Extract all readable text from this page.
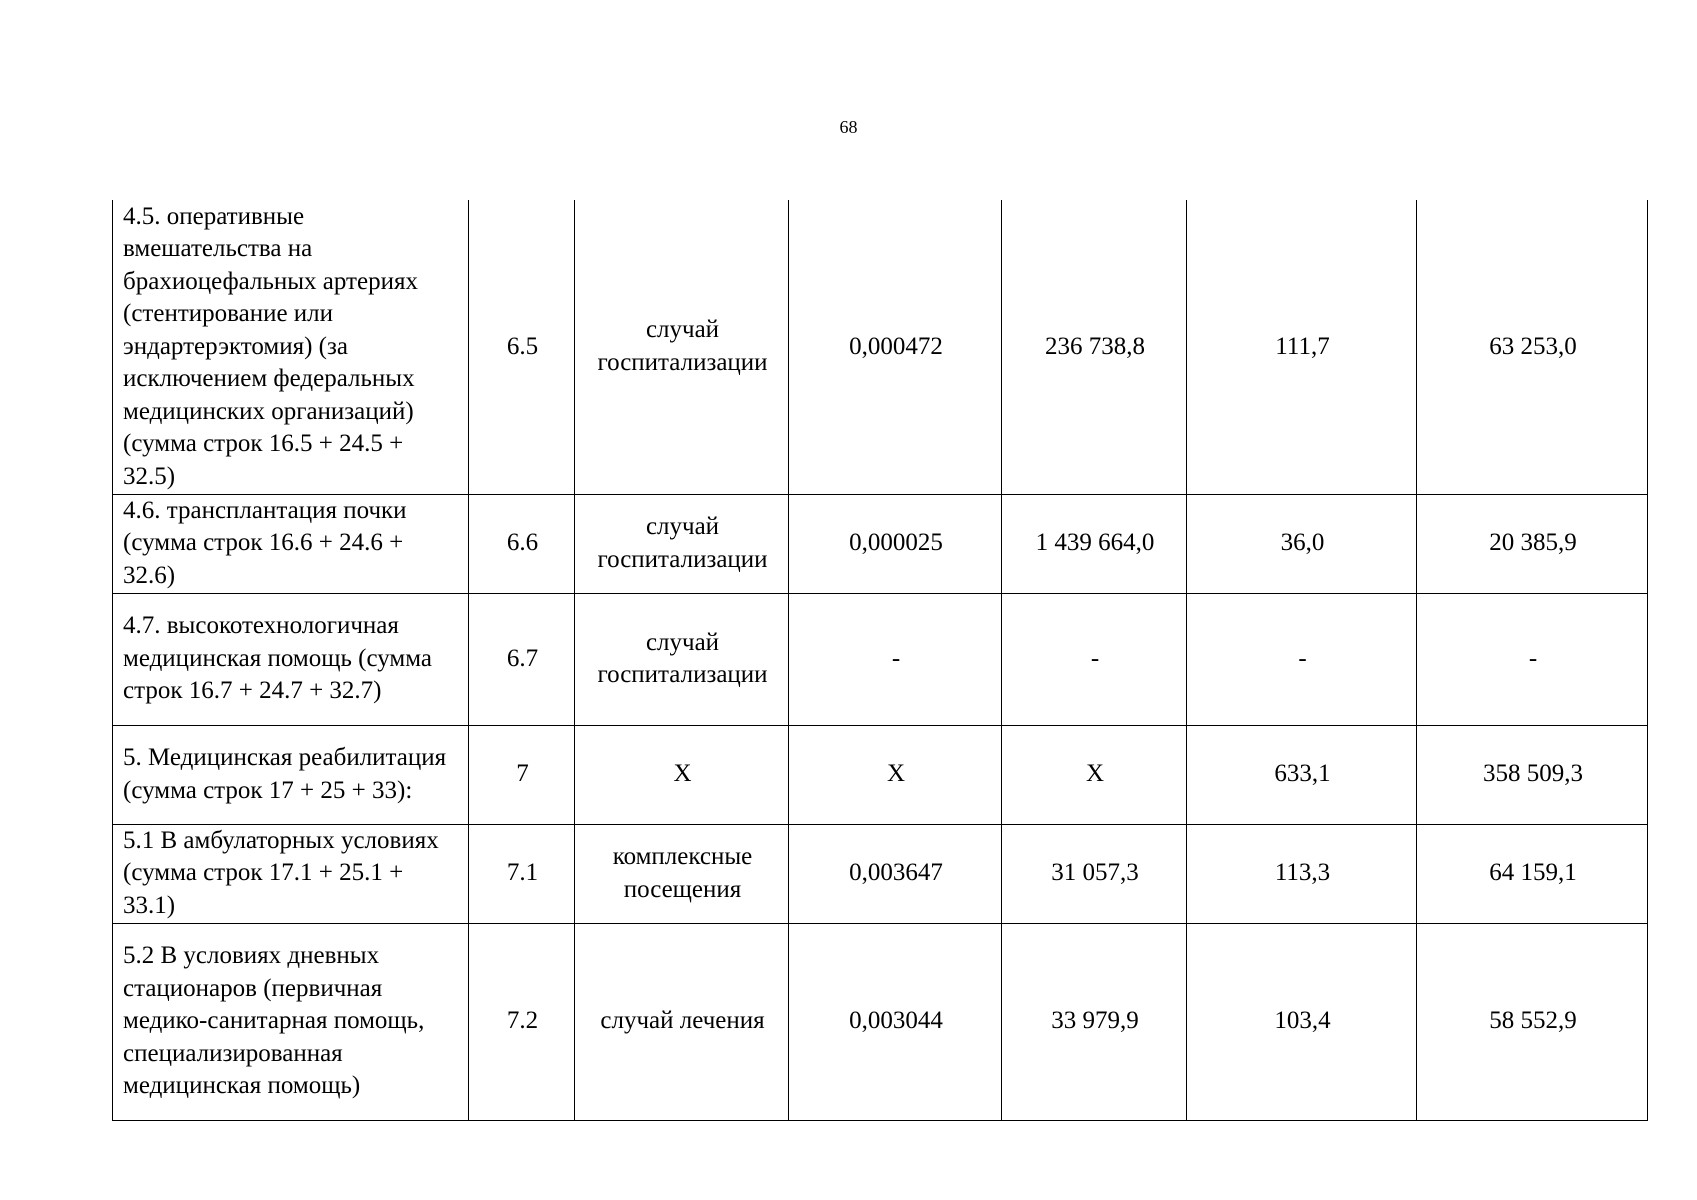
68
4.5. оперативные вмешательства на брахиоцефальных артериях (стентирование или эндартерэктомия) (за исключением федеральных медицинских организаций) (сумма строк 16.5 + 24.5 + 32.5)	6.5	случай госпитализации	0,000472	236 738,8	111,7	63 253,0
4.6. трансплантация почки (сумма строк 16.6 + 24.6 + 32.6)	6.6	случай госпитализации	0,000025	1 439 664,0	36,0	20 385,9
4.7. высокотехнологичная медицинская помощь (сумма строк 16.7 + 24.7 + 32.7)	6.7	случай госпитализации	-	-	-	-
5. Медицинская реабилитация (сумма строк 17 + 25 + 33):	7	Х	Х	Х	633,1	358 509,3
5.1 В амбулаторных условиях (сумма строк 17.1 + 25.1 + 33.1)	7.1	комплексные посещения	0,003647	31 057,3	113,3	64 159,1
5.2 В условиях дневных стационаров (первичная медико-санитарная помощь, специализированная медицинская помощь)	7.2	случай лечения	0,003044	33 979,9	103,4	58 552,9
